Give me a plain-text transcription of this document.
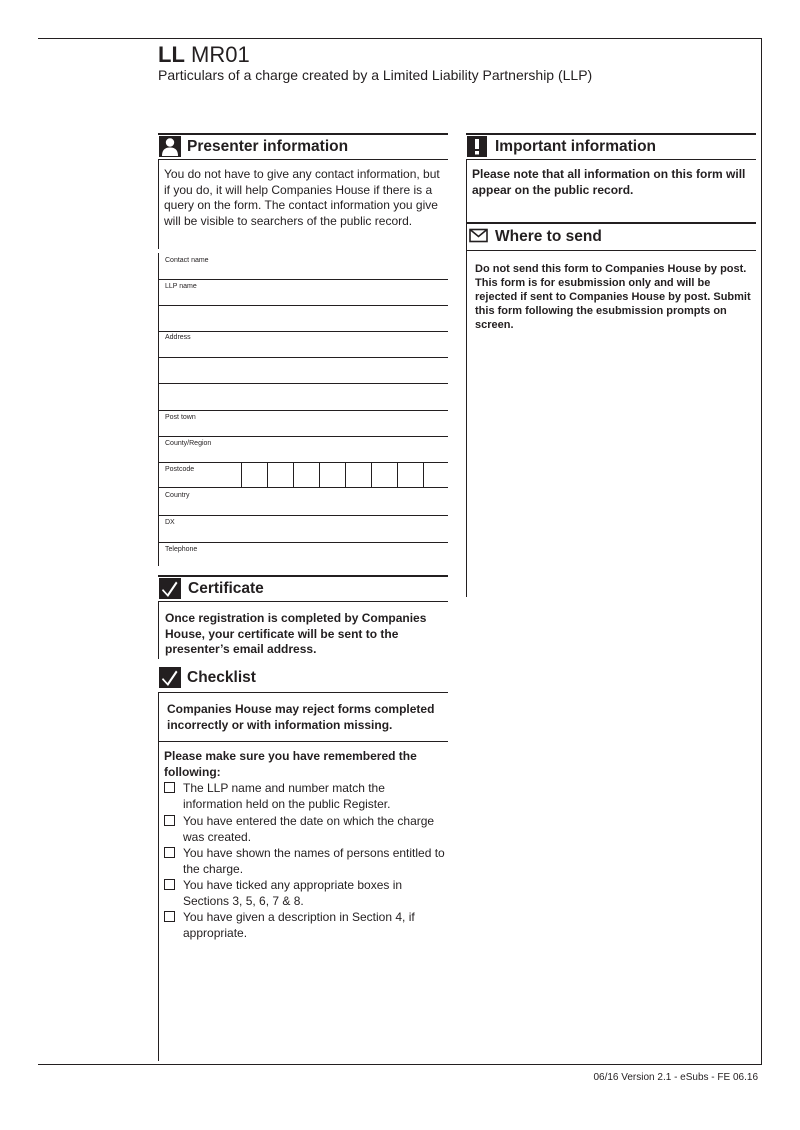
LL MR01
Particulars of a charge created by a Limited Liability Partnership (LLP)
Presenter information
You do not have to give any contact information, but if you do, it will help Companies House if there is a query on the form. The contact information you give will be visible to searchers of the public record.
Contact name
LLP name
Address
Post town
County/Region
Postcode
Country
DX
Telephone
Certificate
Once registration is completed by Companies House, your certificate will be sent to the presenter’s email address.
Checklist
Companies House may reject forms completed incorrectly or with information missing.
Please make sure you have remembered the following:
The LLP name and number match the information held on the public Register.
You have entered the date on which the charge was created.
You have shown the names of persons entitled to the charge.
You have ticked any appropriate boxes in Sections 3, 5, 6, 7 & 8.
You have given a description in Section 4, if appropriate.
Important information
Please note that all information on this form will appear on the public record.
Where to send
Do not send this form to Companies House by post. This form is for esubmission only and will be rejected if sent to Companies House by post. Submit this form following the esubmission prompts on screen.
06/16 Version 2.1 - eSubs - FE 06.16
